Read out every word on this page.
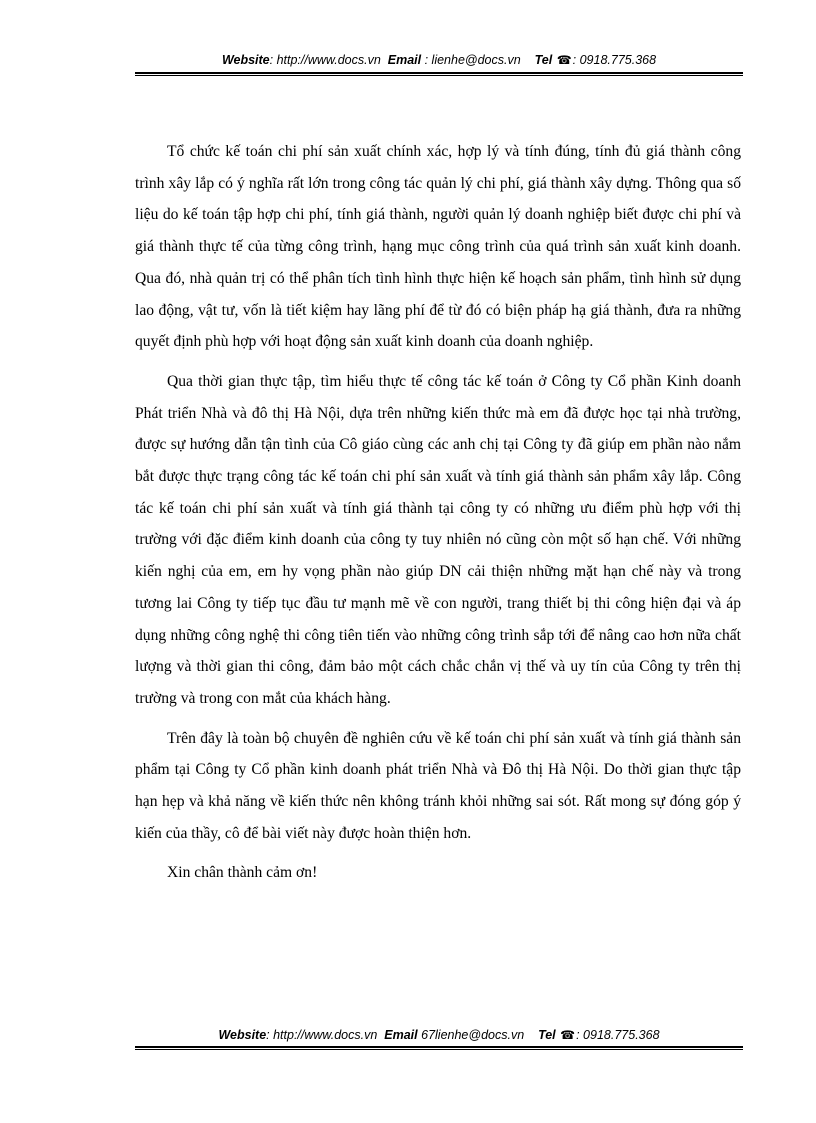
Website: http://www.docs.vn Email : lienhe@docs.vn Tel ☎: 0918.775.368

Tổ chức kế toán chi phí sản xuất chính xác, hợp lý và tính đúng, tính đủ giá thành công trình xây lắp có ý nghĩa rất lớn trong công tác quản lý chi phí, giá thành xây dựng. Thông qua số liệu do kế toán tập hợp chi phí, tính giá thành, người quản lý doanh nghiệp biết được chi phí và giá thành thực tế của từng công trình, hạng mục công trình của quá trình sản xuất kinh doanh. Qua đó, nhà quản trị có thể phân tích tình hình thực hiện kế hoạch sản phẩm, tình hình sử dụng lao động, vật tư, vốn là tiết kiệm hay lãng phí để từ đó có biện pháp hạ giá thành, đưa ra những quyết định phù hợp với hoạt động sản xuất kinh doanh của doanh nghiệp.

Qua thời gian thực tập, tìm hiểu thực tế công tác kế toán ở Công ty Cổ phần Kinh doanh Phát triển Nhà và đô thị Hà Nội, dựa trên những kiến thức mà em đã được học tại nhà trường, được sự hướng dẫn tận tình của Cô giáo cùng các anh chị tại Công ty đã giúp em phần nào nắm bắt được thực trạng công tác kế toán chi phí sản xuất và tính giá thành sản phẩm xây lắp. Công tác kế toán chi phí sản xuất và tính giá thành tại công ty có những ưu điểm phù hợp với thị trường với đặc điểm kinh doanh của công ty tuy nhiên nó cũng còn một số hạn chế. Với những kiến nghị của em, em hy vọng phần nào giúp DN cải thiện những mặt hạn chế này và trong tương lai Công ty tiếp tục đầu tư mạnh mẽ về con người, trang thiết bị thi công hiện đại và áp dụng những công nghệ thi công tiên tiến vào những công trình sắp tới để nâng cao hơn nữa chất lượng và thời gian thi công, đảm bảo một cách chắc chắn vị thế và uy tín của Công ty trên thị trường và trong con mắt của khách hàng.

Trên đây là toàn bộ chuyên đề nghiên cứu về kế toán chi phí sản xuất và tính giá thành sản phẩm tại Công ty Cổ phần kinh doanh phát triển Nhà và Đô thị Hà Nội. Do thời gian thực tập hạn hẹp và khả năng về kiến thức nên không tránh khỏi những sai sót. Rất mong sự đóng góp ý kiến của thầy, cô để bài viết này được hoàn thiện hơn.

Xin chân thành cảm ơn!

Website: http://www.docs.vn Email 67lienhe@docs.vn Tel ☎: 0918.775.368
